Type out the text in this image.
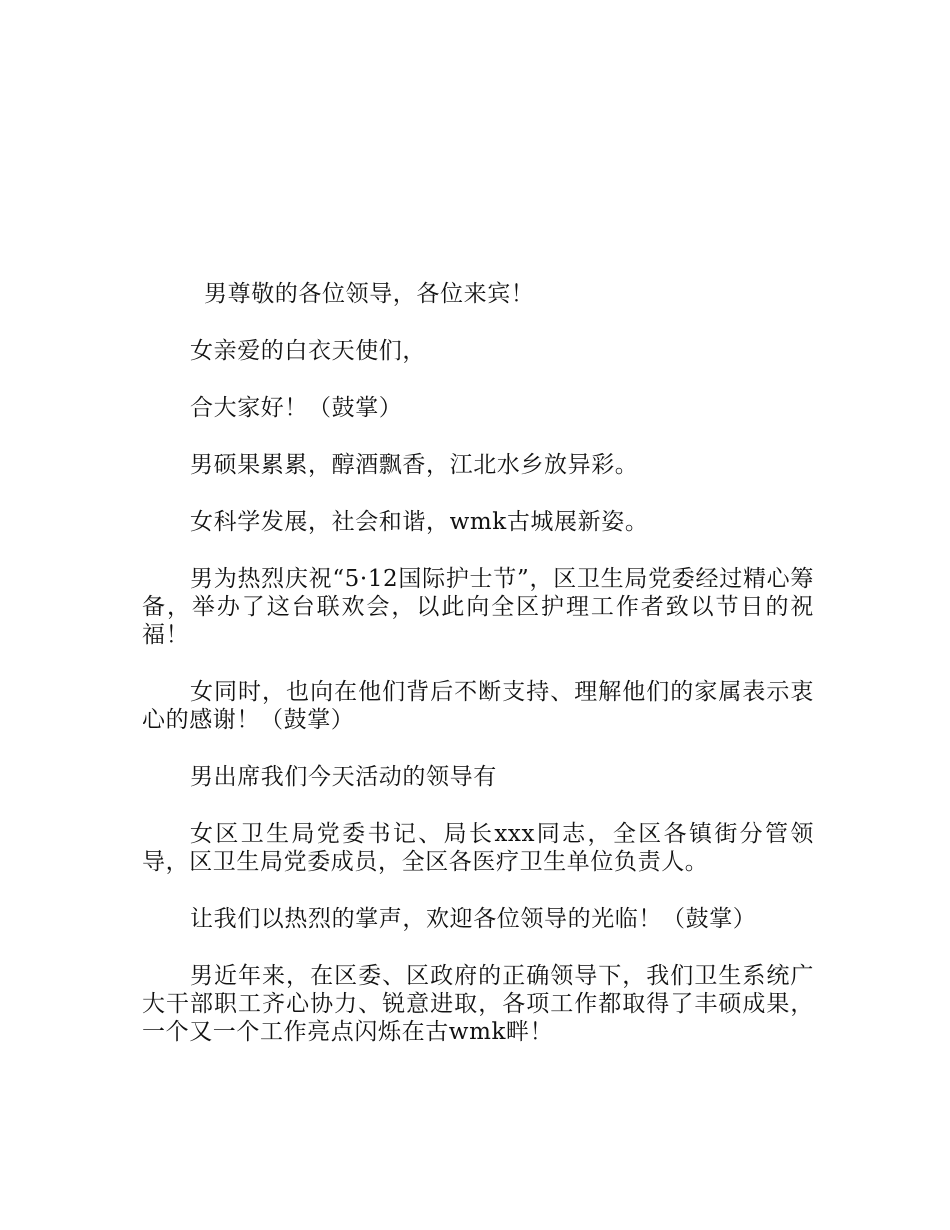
男尊敬的各位领导，各位来宾！

女亲爱的白衣天使们，

合大家好！（鼓掌）

男硕果累累，醇酒飘香，江北水乡放异彩。

女科学发展，社会和谐，wmk古城展新姿。

男为热烈庆祝“5·12国际护士节”，区卫生局党委经过精心筹备，举办了这台联欢会，以此向全区护理工作者致以节日的祝福！

女同时，也向在他们背后不断支持、理解他们的家属表示衷心的感谢！（鼓掌）

男出席我们今天活动的领导有

女区卫生局党委书记、局长xxx同志，全区各镇街分管领导，区卫生局党委成员，全区各医疗卫生单位负责人。

让我们以热烈的掌声，欢迎各位领导的光临！（鼓掌）

男近年来，在区委、区政府的正确领导下，我们卫生系统广大干部职工齐心协力、锐意进取，各项工作都取得了丰硕成果，一个又一个工作亮点闪烁在古wmk畔！
